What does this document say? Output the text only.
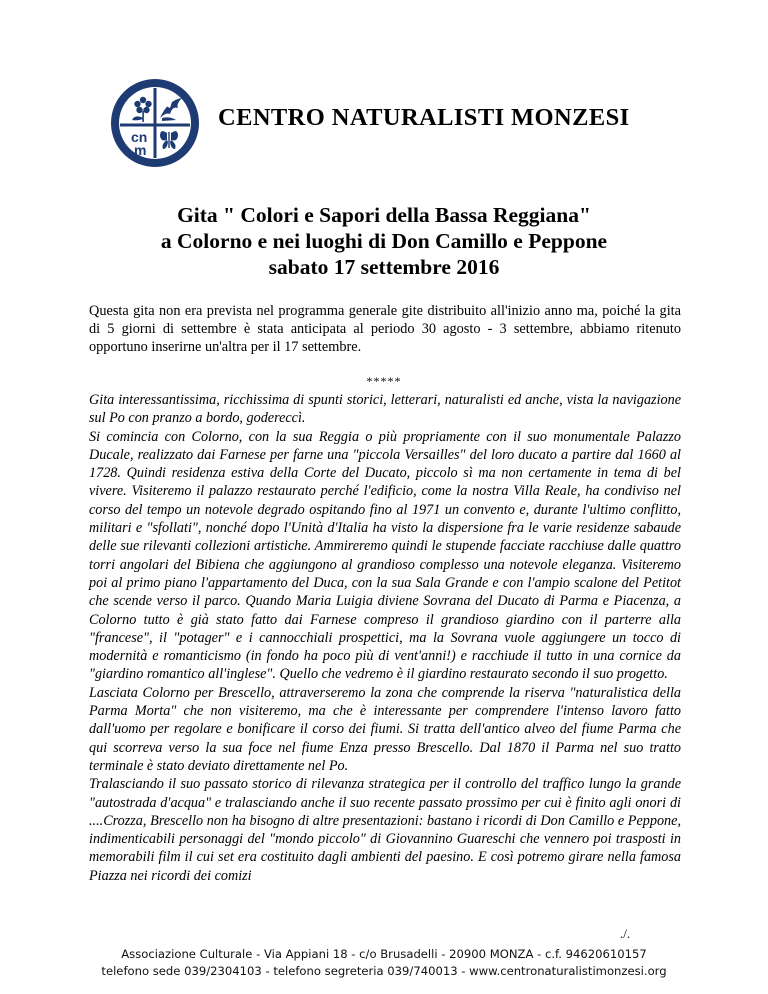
cn
m
CENTRO NATURALISTI MONZESI
Gita " Colori e Sapori della Bassa Reggiana"
a Colorno e nei luoghi di Don Camillo e Peppone
sabato 17 settembre 2016
Questa gita non era prevista nel programma generale gite distribuito all'inizio anno ma, poiché la gita di 5 giorni di settembre è stata anticipata al periodo 30 agosto - 3 settembre, abbiamo ritenuto opportuno inserirne un'altra per il 17 settembre.
*****

Gita interessantissima, ricchissima di spunti storici, letterari, naturalisti ed anche, vista la navigazione sul Po con pranzo a bordo, godereccì.

Si comincia con Colorno, con la sua Reggia o più propriamente con il suo monumentale Palazzo Ducale, realizzato dai Farnese per farne una "piccola Versailles" del loro ducato a partire dal 1660 al 1728. Quindi residenza estiva della Corte del Ducato, piccolo sì ma non certamente in tema di bel vivere. Visiteremo il palazzo restaurato perché l'edificio, come la nostra Villa Reale, ha condiviso nel corso del tempo un notevole degrado ospitando fino al 1971 un convento e, durante l'ultimo conflitto, militari e "sfollati", nonché dopo l'Unità d'Italia ha visto la dispersione fra le varie residenze sabaude delle sue rilevanti collezioni artistiche. Ammireremo quindi le stupende facciate racchiuse dalle quattro torri angolari del Bibiena che aggiungono al grandioso complesso una notevole eleganza. Visiteremo poi al primo piano l'appartamento del Duca, con la sua Sala Grande e con l'ampio scalone del Petitot che scende verso il parco. Quando Maria Luigia diviene Sovrana del Ducato di Parma e Piacenza, a Colorno tutto è già stato fatto dai Farnese compreso il grandioso giardino con il parterre alla "francese", il "potager" e i cannocchiali prospettici, ma la Sovrana vuole aggiungere un tocco di modernità e romanticismo (in fondo ha poco più di vent'anni!) e racchiude il tutto in una cornice da "giardino romantico all'inglese". Quello che vedremo è il giardino restaurato secondo il suo progetto.

Lasciata Colorno per Brescello, attraverseremo la zona che comprende la riserva "naturalistica della Parma Morta" che non visiteremo, ma che è interessante per comprendere l'intenso lavoro fatto dall'uomo per regolare e bonificare il corso dei fiumi. Si tratta dell'antico alveo del fiume Parma che qui scorreva verso la sua foce nel fiume Enza presso Brescello. Dal 1870 il Parma nel suo tratto terminale è stato deviato direttamente nel Po.

Tralasciando il suo passato storico di rilevanza strategica per il controllo del traffico lungo la grande "autostrada d'acqua" e tralasciando anche il suo recente passato prossimo per cui è finito agli onori di ....Crozza, Brescello non ha bisogno di altre presentazioni: bastano i ricordi di Don Camillo e Peppone, indimenticabili personaggi del "mondo piccolo" di Giovannino Guareschi che vennero poi trasposti in memorabili film il cui set era costituito dagli ambienti del paesino. E così potremo girare nella famosa Piazza nei ricordi dei comizi

./.
Associazione Culturale - Via Appiani 18 - c/o Brusadelli - 20900 MONZA - c.f. 94620610157
telefono sede 039/2304103 - telefono segreteria 039/740013 - www.centronaturalistimonzesi.org
